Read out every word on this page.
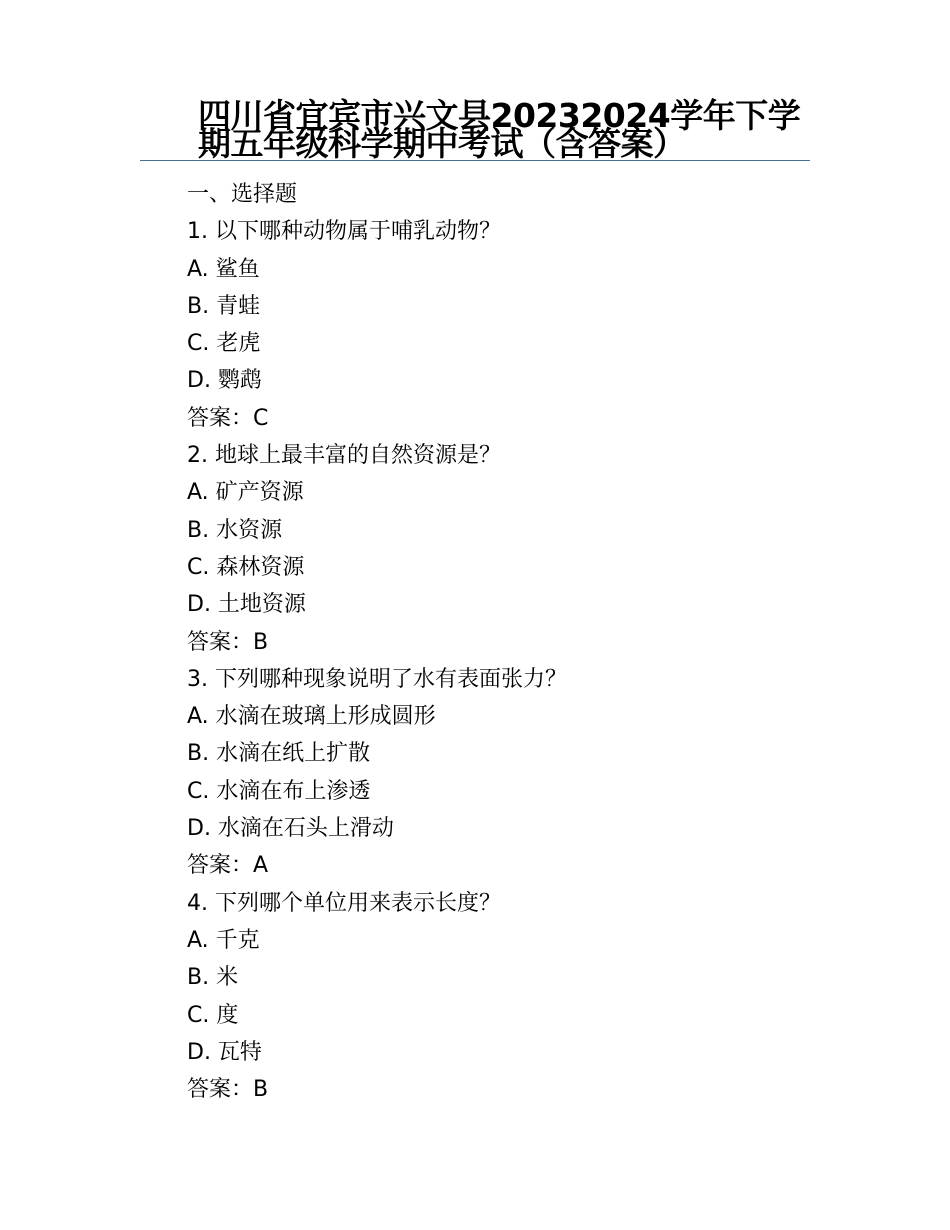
四川省宜宾市兴文县20232024学年下学期五年级科学期中考试（含答案）
一、选择题
1. 以下哪种动物属于哺乳动物？
A. 鲨鱼
B. 青蛙
C. 老虎
D. 鹦鹉
答案：C
2. 地球上最丰富的自然资源是？
A. 矿产资源
B. 水资源
C. 森林资源
D. 土地资源
答案：B
3. 下列哪种现象说明了水有表面张力？
A. 水滴在玻璃上形成圆形
B. 水滴在纸上扩散
C. 水滴在布上渗透
D. 水滴在石头上滑动
答案：A
4. 下列哪个单位用来表示长度？
A. 千克
B. 米
C. 度
D. 瓦特
答案：B
